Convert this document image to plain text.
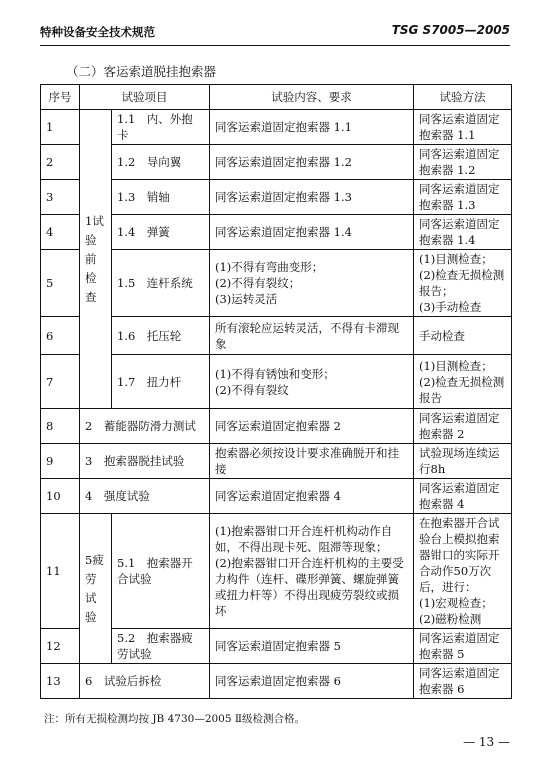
特种设备安全技术规范	TSG S7005—2005
（二）客运索道脱挂抱索器
序号	试验项目		试验内容、要求	试验方法
1	1试验前检查	1.1　内、外抱卡	同客运索道固定抱索器 1.1	同客运索道固定抱索器 1.1
2		1.2　导向翼	同客运索道固定抱索器 1.2	同客运索道固定抱索器 1.2
3		1.3　销轴	同客运索道固定抱索器 1.3	同客运索道固定抱索器 1.3
4		1.4　弹簧	同客运索道固定抱索器 1.4	同客运索道固定抱索器 1.4
5		1.5　连杆系统	(1)不得有弯曲变形；
(2)不得有裂纹；
(3)运转灵活	(1)目测检查；
(2)检查无损检测报告；
(3)手动检查
6		1.6　托压轮	所有滚轮应运转灵活，不得有卡滞现象	手动检查
7		1.7　扭力杆	(1)不得有锈蚀和变形；
(2)不得有裂纹	(1)目测检查；
(2)检查无损检测报告
8	2　蓄能器防滑力测试		同客运索道固定抱索器 2	同客运索道固定抱索器 2
9	3　抱索器脱挂试验		抱索器必须按设计要求准确脱开和挂接	试验现场连续运行8h
10	4　强度试验		同客运索道固定抱索器 4	同客运索道固定抱索器 4
11	5疲劳试验	5.1　抱索器开合试验	(1)抱索器钳口开合连杆机构动作自如，不得出现卡死、阻滞等现象；
(2)抱索器钳口开合连杆机构的主要受力构件（连杆、碟形弹簧、螺旋弹簧或扭力杆等）不得出现疲劳裂纹或损坏	在抱索器开合试验台上模拟抱索器钳口的实际开合动作50万次后，进行：
(1)宏观检查；
(2)磁粉检测
12		5.2　抱索器疲劳试验	同客运索道固定抱索器 5	同客运索道固定抱索器 5
13	6　试验后拆检		同客运索道固定抱索器 6	同客运索道固定抱索器 6
注：所有无损检测均按 JB 4730—2005 Ⅱ级检测合格。
— 13 —
